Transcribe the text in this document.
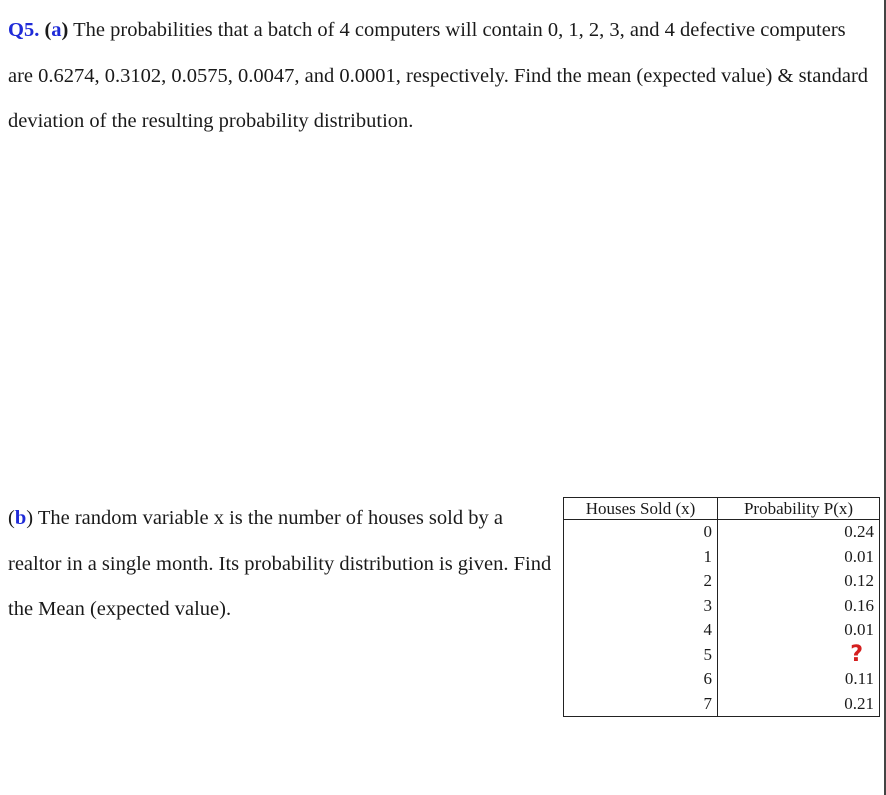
Q5. (a) The probabilities that a batch of 4 computers will contain 0, 1, 2, 3, and 4 defective computers are 0.6274, 0.3102, 0.0575, 0.0047, and 0.0001, respectively. Find the mean (expected value) & standard deviation of the resulting probability distribution.
(b) The random variable x is the number of houses sold by a realtor in a single month. Its probability distribution is given. Find the Mean (expected value).
Houses Sold (x)	Probability P(x)
0	0.24
1	0.01
2	0.12
3	0.16
4	0.01
5	?
6	0.11
7	0.21
